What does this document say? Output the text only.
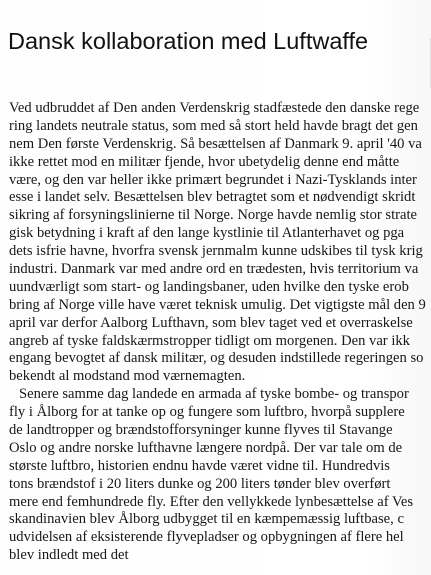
Dansk kollaboration med Luftwaffe
Ved udbruddet af Den anden Verdenskrig stadfæstede den danske rege
ring landets neutrale status, som med så stort held havde bragt det gen
nem Den første Verdenskrig. Så besættelsen af Danmark 9. april '40 va
ikke rettet mod en militær fjende, hvor ubetydelig denne end måtte
være, og den var heller ikke primært begrundet i Nazi-Tysklands inter
esse i landet selv. Besættelsen blev betragtet som et nødvendigt skridt
sikring af forsyningslinierne til Norge. Norge havde nemlig stor strate
gisk betydning i kraft af den lange kystlinie til Atlanterhavet og pga
dets isfrie havne, hvorfra svensk jernmalm kunne udskibes til tysk krig
industri. Danmark var med andre ord en trædesten, hvis territorium va
uundværligt som start- og landingsbaner, uden hvilke den tyske erob
bring af Norge ville have været teknisk umulig. Det vigtigste mål den 9
april var derfor Aalborg Lufthavn, som blev taget ved et overraskelse
angreb af tyske faldskærmstropper tidligt om morgenen. Den var ikk
engang bevogtet af dansk militær, og desuden indstillede regeringen so
bekendt al modstand mod værnemagten.
Senere samme dag landede en armada af tyske bombe- og transpor
fly i Ålborg for at tanke op og fungere som luftbro, hvorpå supplere
de landtropper og brændstofforsyninger kunne flyves til Stavange
Oslo og andre norske lufthavne længere nordpå. Der var tale om de
største luftbro, historien endnu havde været vidne til. Hundredvis
tons brændstof i 20 liters dunke og 200 liters tønder blev overført
mere end femhundrede fly. Efter den vellykkede lynbesættelse af Ves
skandinavien blev Ålborg udbygget til en kæmpemæssig luftbase, c
udvidelsen af eksisterende flyvepladser og opbygningen af flere hel
blev indledt med det
